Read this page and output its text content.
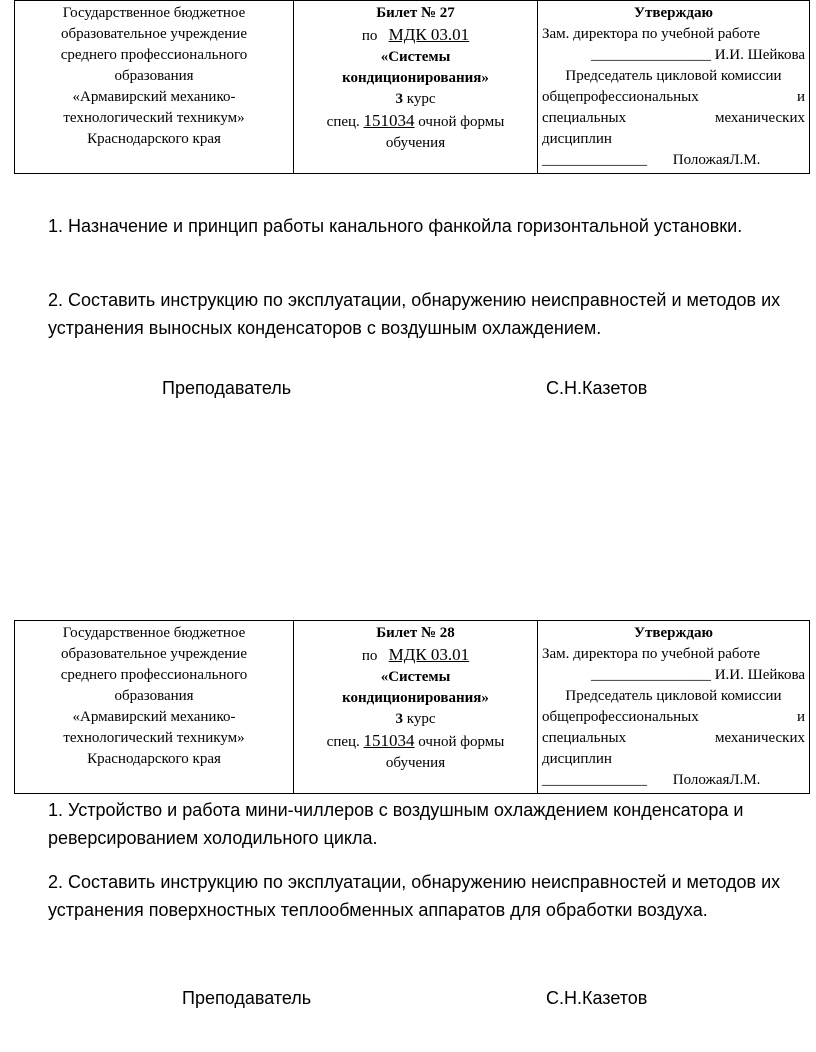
Государственное бюджетное
образовательное учреждение
среднего профессионального
образования
«Армавирский механико-
технологический техникум»
Краснодарского края

Билет № 27
по МДК 03.01
«Системы
кондиционирования»
3 курс
спец. 151034 очной формы
обучения

Утверждаю
Зам. директора по учебной работе
________________ И.И. Шейкова
Председатель цикловой комиссии
общепрофессиональных	и
специальных	механических
дисциплин
______________ ПоложаяЛ.М.

1. Назначение и принцип работы канального фанкойла горизонтальной установки.

2. Составить инструкцию по эксплуатации, обнаружению неисправностей и методов их устранения выносных конденсаторов с воздушным охлаждением.

Преподаватель	С.Н.Казетов
Государственное бюджетное
образовательное учреждение
среднего профессионального
образования
«Армавирский механико-
технологический техникум»
Краснодарского края

Билет № 28
по МДК 03.01
«Системы
кондиционирования»
3 курс
спец. 151034 очной формы
обучения

Утверждаю
Зам. директора по учебной работе
________________ И.И. Шейкова
Председатель цикловой комиссии
общепрофессиональных	и
специальных	механических
дисциплин
______________ ПоложаяЛ.М.

1. Устройство и работа мини-чиллеров с воздушным охлаждением конденсатора и реверсированием холодильного цикла.

2. Составить инструкцию по эксплуатации, обнаружению неисправностей и методов их устранения поверхностных теплообменных аппаратов для обработки воздуха.

Преподаватель	С.Н.Казетов
